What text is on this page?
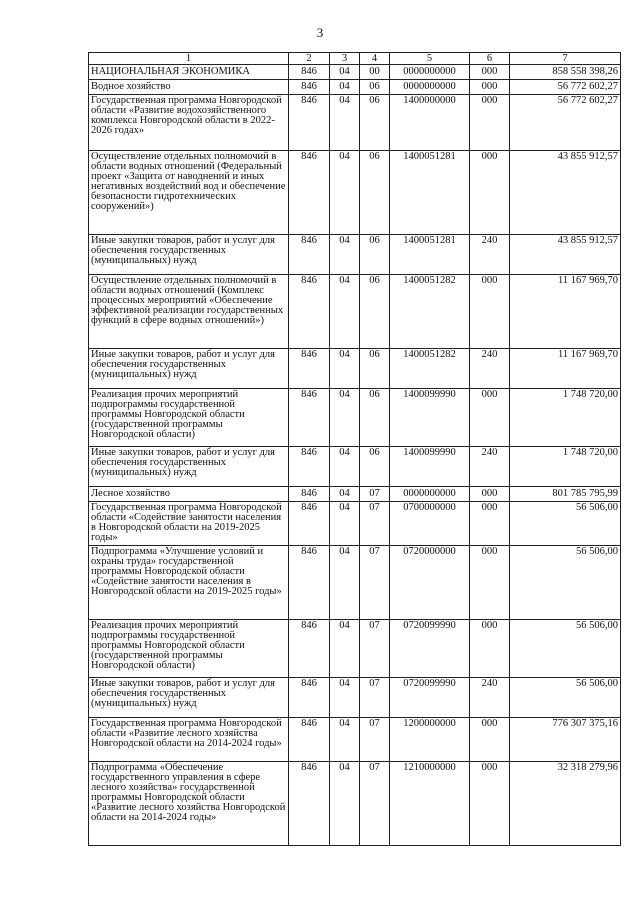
3
1	2	3	4	5	6	7
НАЦИОНАЛЬНАЯ ЭКОНОМИКА	846	04	00	0000000000	000	858 558 398,26
Водное хозяйство	846	04	06	0000000000	000	56 772 602,27
Государственная программа Новгородской области «Развитие водохозяйственного комплекса Новгородской области в 2022-2026 годах»	846	04	06	1400000000	000	56 772 602,27
Осуществление отдельных полномочий в области водных отношений (Федеральный проект «Защита от наводнений и иных негативных воздействий вод и обеспечение безопасности гидротехнических сооружений»)	846	04	06	1400051281	000	43 855 912,57
Иные закупки товаров, работ и услуг для обеспечения государственных (муниципальных) нужд	846	04	06	1400051281	240	43 855 912,57
Осуществление отдельных полномочий в области водных отношений (Комплекс процессных мероприятий «Обеспечение эффективной реализации государственных функций в сфере водных отношений»)	846	04	06	1400051282	000	11 167 969,70
Иные закупки товаров, работ и услуг для обеспечения государственных (муниципальных) нужд	846	04	06	1400051282	240	11 167 969,70
Реализация прочих мероприятий подпрограммы государственной программы Новгородской области (государственной программы Новгородской области)	846	04	06	1400099990	000	1 748 720,00
Иные закупки товаров, работ и услуг для обеспечения государственных (муниципальных) нужд	846	04	06	1400099990	240	1 748 720,00
Лесное хозяйство	846	04	07	0000000000	000	801 785 795,99
Государственная программа Новгородской области «Содействие занятости населения в Новгородской области на 2019-2025 годы»	846	04	07	0700000000	000	56 506,00
Подпрограмма «Улучшение условий и охраны труда» государственной программы Новгородской области «Содействие занятости населения в Новгородской области на 2019-2025 годы»	846	04	07	0720000000	000	56 506,00
Реализация прочих мероприятий подпрограммы государственной программы Новгородской области (государственной программы Новгородской области)	846	04	07	0720099990	000	56 506,00
Иные закупки товаров, работ и услуг для обеспечения государственных (муниципальных) нужд	846	04	07	0720099990	240	56 506,00
Государственная программа Новгородской области «Развитие лесного хозяйства Новгородской области на 2014-2024 годы»	846	04	07	1200000000	000	776 307 375,16
Подпрограмма «Обеспечение государственного управления в сфере лесного хозяйства» государственной программы Новгородской области «Развитие лесного хозяйства Новгородской области на 2014-2024 годы»	846	04	07	1210000000	000	32 318 279,96
